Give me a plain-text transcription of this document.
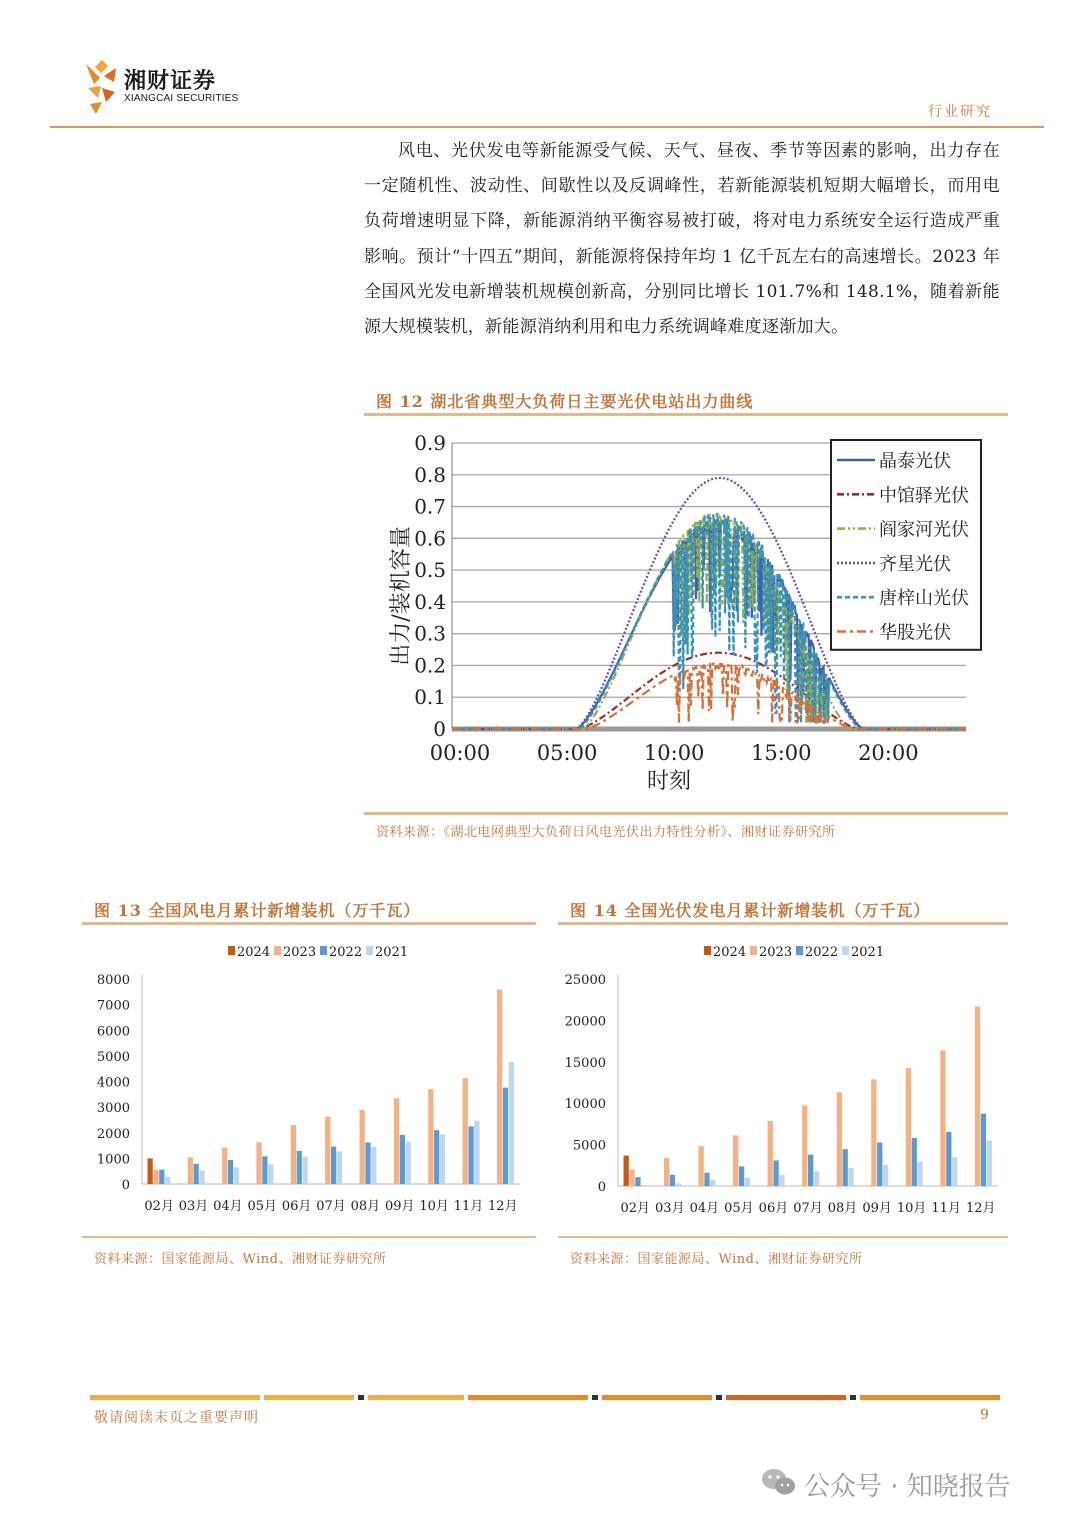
湘财证券
XIANGCAI SECURITIES
行业研究
风电、光伏发电等新能源受气候、天气、昼夜、季节等因素的影响，出力存在一定随机性、波动性、间歇性以及反调峰性，若新能源装机短期大幅增长，而用电负荷增速明显下降，新能源消纳平衡容易被打破，将对电力系统安全运行造成严重影响。预计“十四五”期间，新能源将保持年均 1 亿千瓦左右的高速增长。2023 年全国风光发电新增装机规模创新高，分别同比增长 101.7%和 148.1%，随着新能源大规模装机，新能源消纳利用和电力系统调峰难度逐渐加大。
图 12 湖北省典型大负荷日主要光伏电站出力曲线
0
0.1
0.2
0.3
0.4
0.5
0.6
0.7
0.8
0.9
00:00 05:00 10:00 15:00 20:00
时刻
出力/装机容量
晶泰光伏
中馆驿光伏
阎家河光伏
齐星光伏
唐梓山光伏
华股光伏
资料来源：《湖北电网典型大负荷日风电光伏出力特性分析》、湘财证券研究所
图 13 全国风电月累计新增装机（万千瓦）
0
1000
2000
3000
4000
5000
6000
7000
8000
02月 03月 04月 05月 06月 07月 08月 09月 10月 11月 12月
2024 2023 2022 2021
资料来源：国家能源局、Wind、湘财证券研究所
图 14 全国光伏发电月累计新增装机（万千瓦）
0
5000
10000
15000
20000
25000
02月 03月 04月 05月 06月 07月 08月 09月 10月 11月 12月
2024 2023 2022 2021
资料来源：国家能源局、Wind、湘财证券研究所
敬请阅读末页之重要声明	9
公众号 · 知晓报告
